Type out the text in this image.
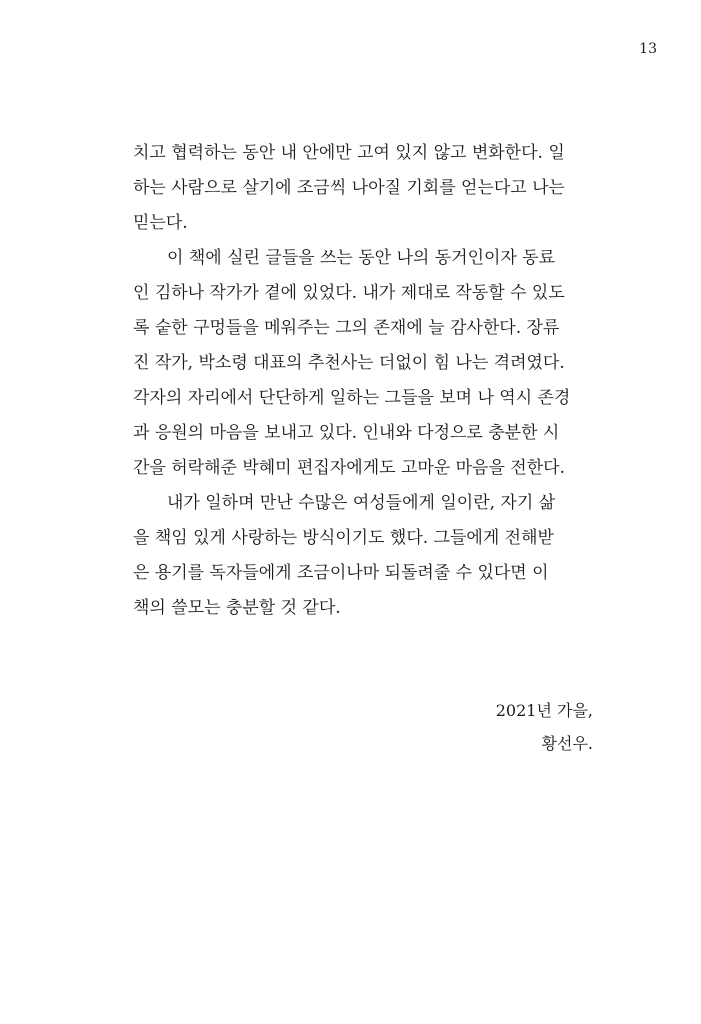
13
치고 협력하는 동안 내 안에만 고여 있지 않고 변화한다. 일
하는 사람으로 살기에 조금씩 나아질 기회를 얻는다고 나는
믿는다.
이 책에 실린 글들을 쓰는 동안 나의 동거인이자 동료
인 김하나 작가가 곁에 있었다. 내가 제대로 작동할 수 있도
록 숱한 구멍들을 메워주는 그의 존재에 늘 감사한다. 장류
진 작가, 박소령 대표의 추천사는 더없이 힘 나는 격려였다.
각자의 자리에서 단단하게 일하는 그들을 보며 나 역시 존경
과 응원의 마음을 보내고 있다. 인내와 다정으로 충분한 시
간을 허락해준 박혜미 편집자에게도 고마운 마음을 전한다.
내가 일하며 만난 수많은 여성들에게 일이란, 자기 삶
을 책임 있게 사랑하는 방식이기도 했다. 그들에게 전해받
은 용기를 독자들에게 조금이나마 되돌려줄 수 있다면 이
책의 쓸모는 충분할 것 같다.
2021년 가을,
황선우.
